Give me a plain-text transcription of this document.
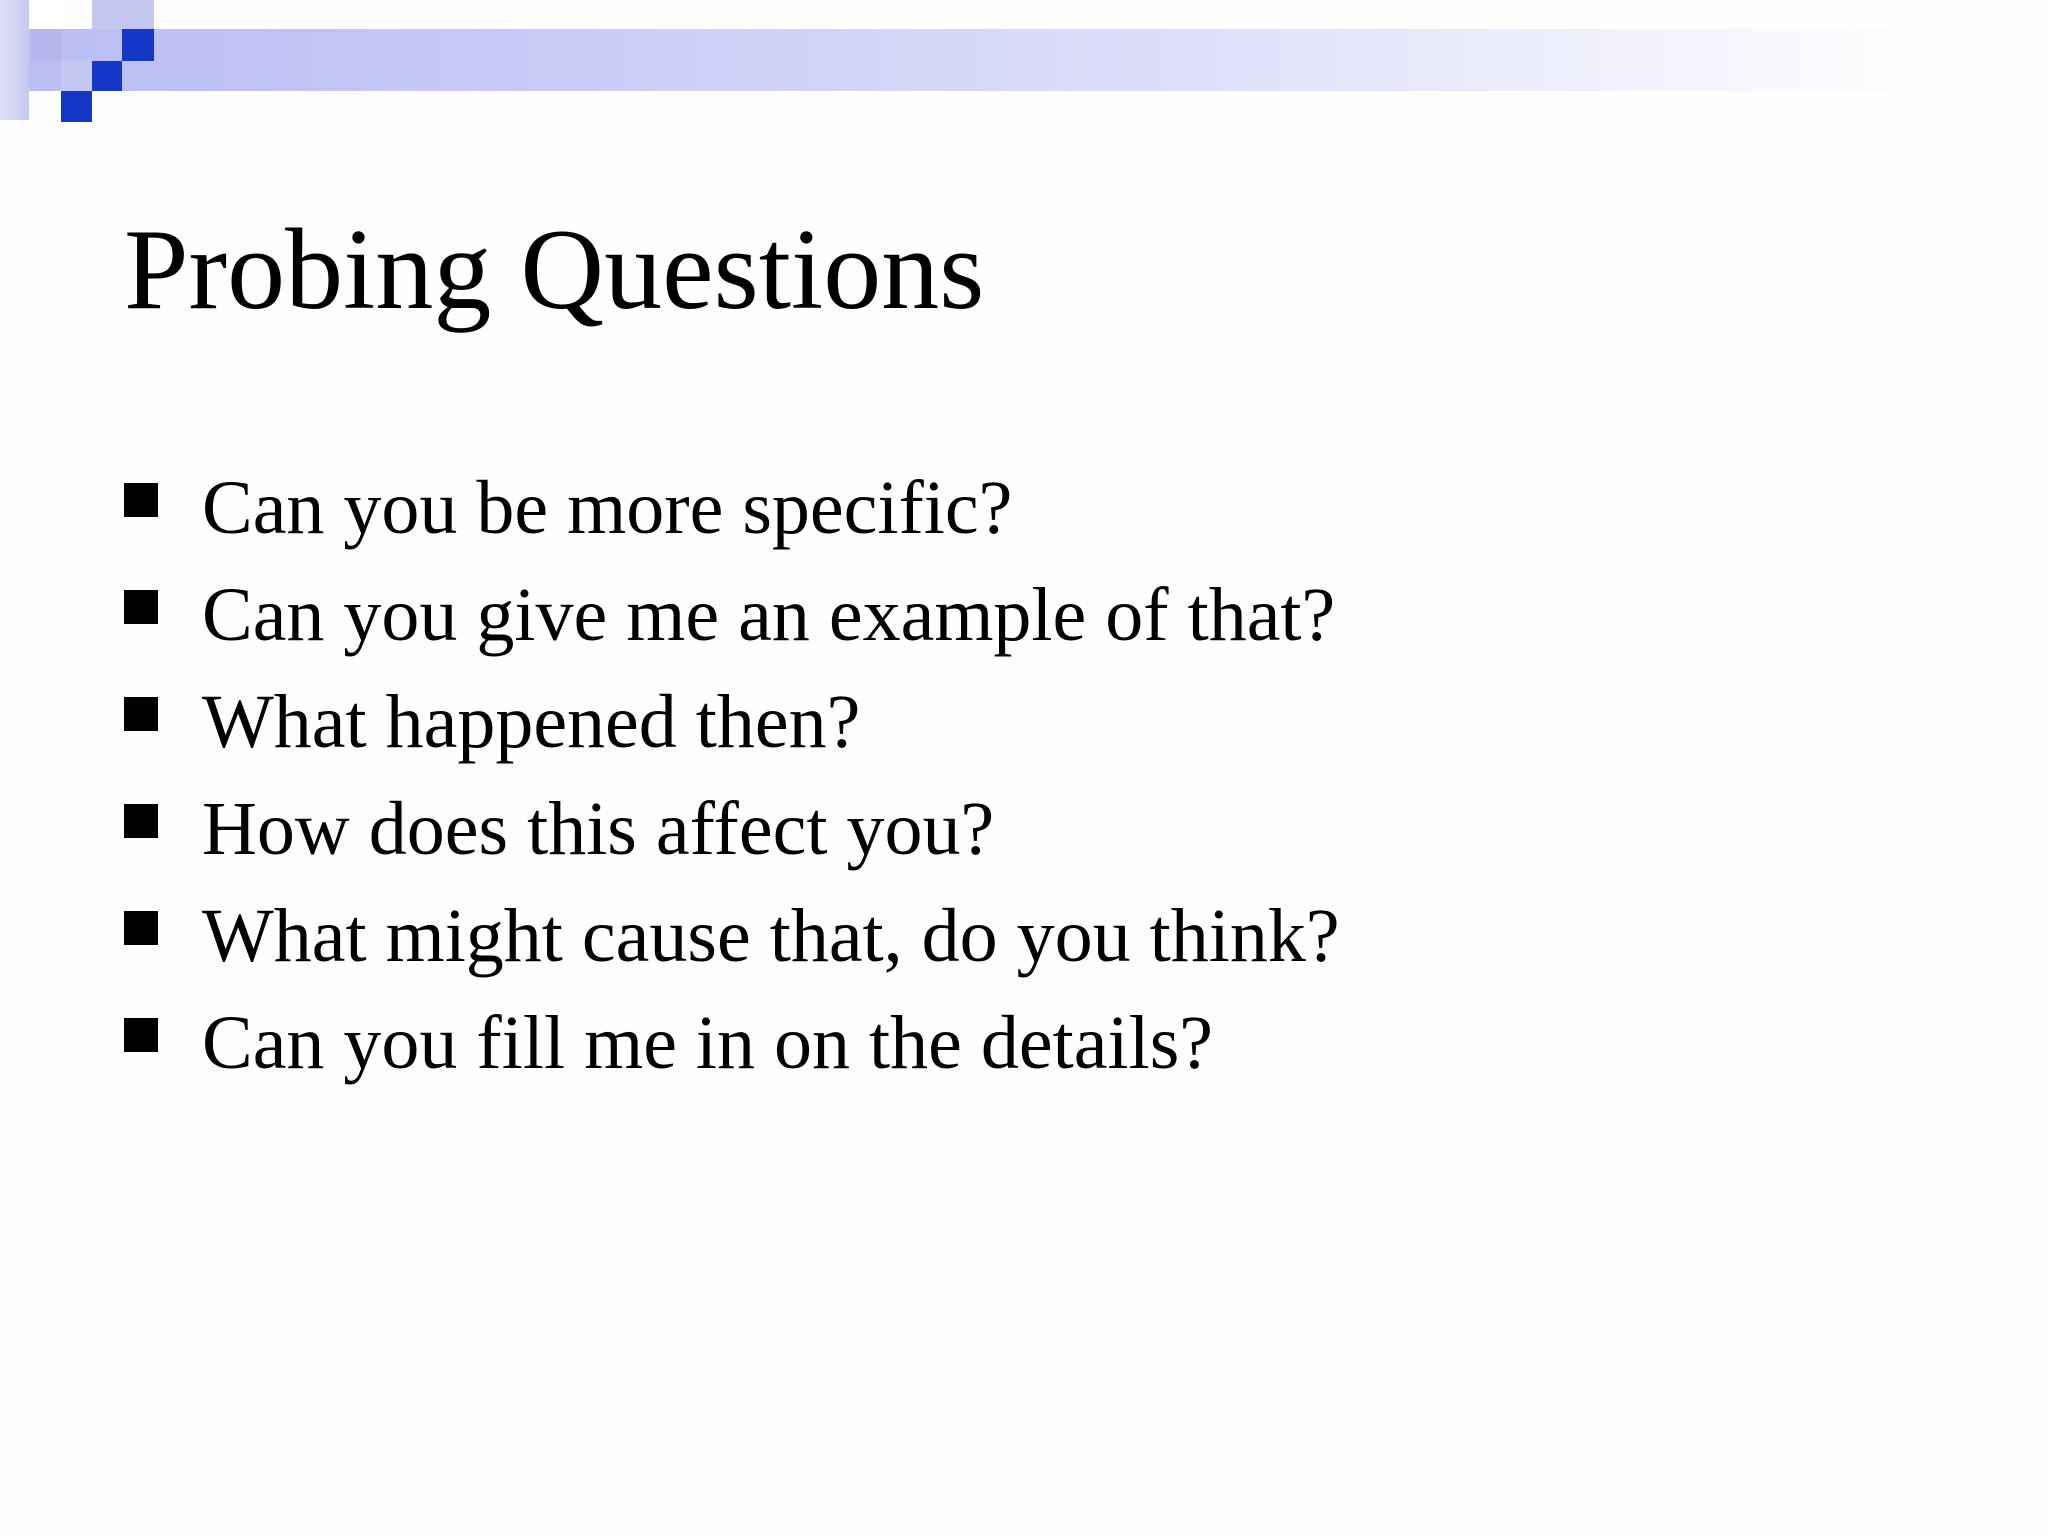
Probing Questions
Can you be more specific?
Can you give me an example of that?
What happened then?
How does this affect you?
What might cause that, do you think?
Can you fill me in on the details?
